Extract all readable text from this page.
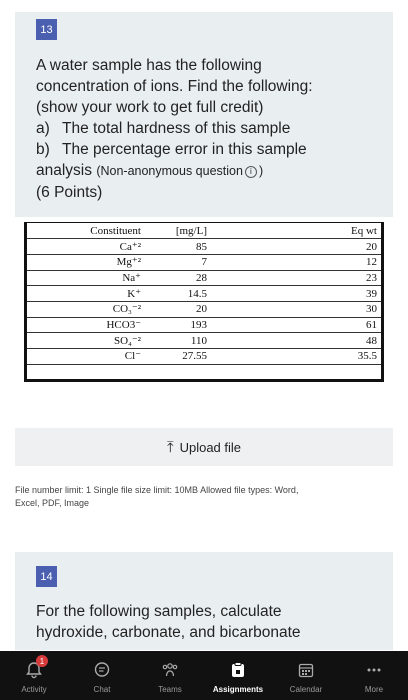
13
A water sample has the following
concentration of ions. Find the following:
(show your work to get full credit)
a) The total hardness of this sample
b) The percentage error in this sample
analysis (Non-anonymous question i )
(6 Points)
Constituent	[mg/L]		Eq wt
Ca⁺²	85		20
Mg⁺²	7		12
Na⁺	28		23
K⁺	14.5		39
CO₃⁻²	20		30
HCO3⁻	193		61
SO₄⁻²	110		48
Cl⁻	27.55		35.5
⤒ Upload file
File number limit: 1 Single file size limit: 10MB Allowed file types: Word,
Excel, PDF, Image
14
For the following samples, calculate
hydroxide, carbonate, and bicarbonate
1
Activity	Chat	Teams	Assignments	Calendar	More
